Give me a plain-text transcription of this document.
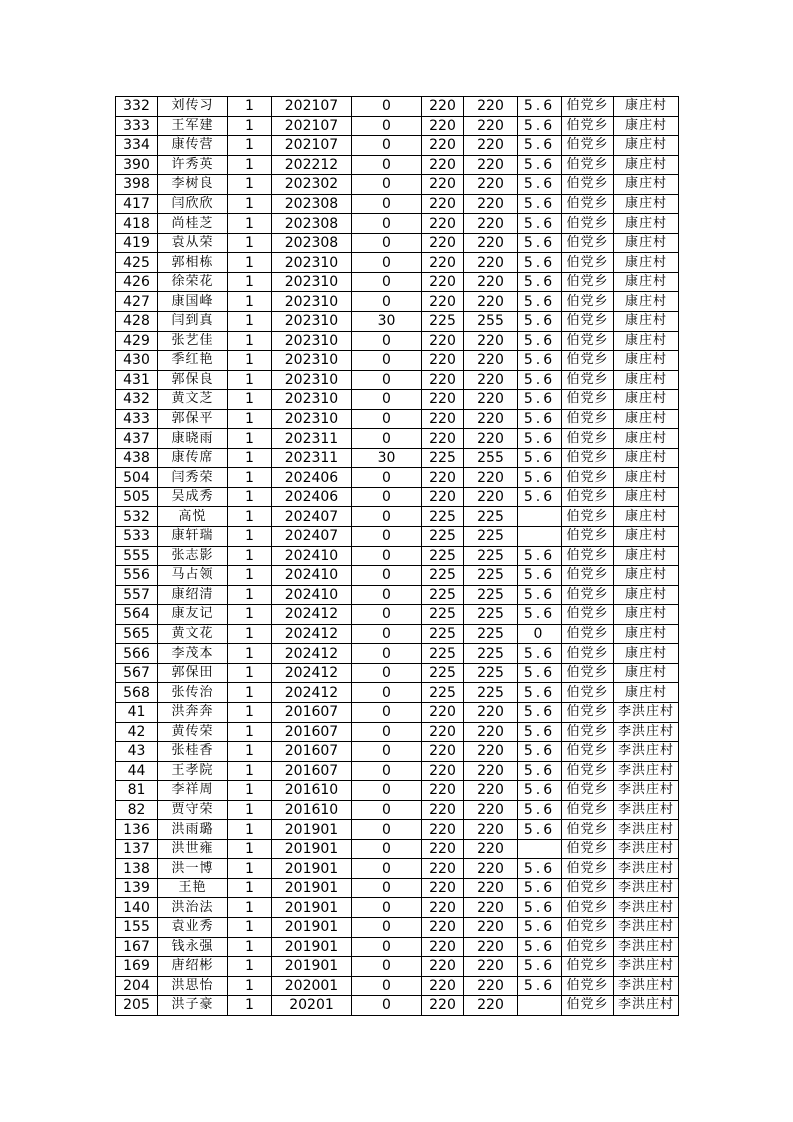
332	刘传习	1	202107	0	220	220	5.6	伯党乡	康庄村
333	王军建	1	202107	0	220	220	5.6	伯党乡	康庄村
334	康传营	1	202107	0	220	220	5.6	伯党乡	康庄村
390	许秀英	1	202212	0	220	220	5.6	伯党乡	康庄村
398	李树良	1	202302	0	220	220	5.6	伯党乡	康庄村
417	闫欣欣	1	202308	0	220	220	5.6	伯党乡	康庄村
418	尚桂芝	1	202308	0	220	220	5.6	伯党乡	康庄村
419	袁从荣	1	202308	0	220	220	5.6	伯党乡	康庄村
425	郭相栋	1	202310	0	220	220	5.6	伯党乡	康庄村
426	徐荣花	1	202310	0	220	220	5.6	伯党乡	康庄村
427	康国峰	1	202310	0	220	220	5.6	伯党乡	康庄村
428	闫到真	1	202310	30	225	255	5.6	伯党乡	康庄村
429	张艺佳	1	202310	0	220	220	5.6	伯党乡	康庄村
430	季红艳	1	202310	0	220	220	5.6	伯党乡	康庄村
431	郭保良	1	202310	0	220	220	5.6	伯党乡	康庄村
432	黄文芝	1	202310	0	220	220	5.6	伯党乡	康庄村
433	郭保平	1	202310	0	220	220	5.6	伯党乡	康庄村
437	康晓雨	1	202311	0	220	220	5.6	伯党乡	康庄村
438	康传席	1	202311	30	225	255	5.6	伯党乡	康庄村
504	闫秀荣	1	202406	0	220	220	5.6	伯党乡	康庄村
505	吴成秀	1	202406	0	220	220	5.6	伯党乡	康庄村
532	高悦	1	202407	0	225	225		伯党乡	康庄村
533	康轩瑞	1	202407	0	225	225		伯党乡	康庄村
555	张志影	1	202410	0	225	225	5.6	伯党乡	康庄村
556	马占领	1	202410	0	225	225	5.6	伯党乡	康庄村
557	康绍清	1	202410	0	225	225	5.6	伯党乡	康庄村
564	康友记	1	202412	0	225	225	5.6	伯党乡	康庄村
565	黄文花	1	202412	0	225	225	0	伯党乡	康庄村
566	李茂本	1	202412	0	225	225	5.6	伯党乡	康庄村
567	郭保田	1	202412	0	225	225	5.6	伯党乡	康庄村
568	张传治	1	202412	0	225	225	5.6	伯党乡	康庄村
41	洪奔奔	1	201607	0	220	220	5.6	伯党乡	李洪庄村
42	黄传荣	1	201607	0	220	220	5.6	伯党乡	李洪庄村
43	张桂香	1	201607	0	220	220	5.6	伯党乡	李洪庄村
44	王孝院	1	201607	0	220	220	5.6	伯党乡	李洪庄村
81	李祥周	1	201610	0	220	220	5.6	伯党乡	李洪庄村
82	贾守荣	1	201610	0	220	220	5.6	伯党乡	李洪庄村
136	洪雨璐	1	201901	0	220	220	5.6	伯党乡	李洪庄村
137	洪世雍	1	201901	0	220	220		伯党乡	李洪庄村
138	洪一博	1	201901	0	220	220	5.6	伯党乡	李洪庄村
139	王艳	1	201901	0	220	220	5.6	伯党乡	李洪庄村
140	洪治法	1	201901	0	220	220	5.6	伯党乡	李洪庄村
155	袁业秀	1	201901	0	220	220	5.6	伯党乡	李洪庄村
167	钱永强	1	201901	0	220	220	5.6	伯党乡	李洪庄村
169	唐绍彬	1	201901	0	220	220	5.6	伯党乡	李洪庄村
204	洪思怡	1	202001	0	220	220	5.6	伯党乡	李洪庄村
205	洪子豪	1	20201	0	220	220		伯党乡	李洪庄村
